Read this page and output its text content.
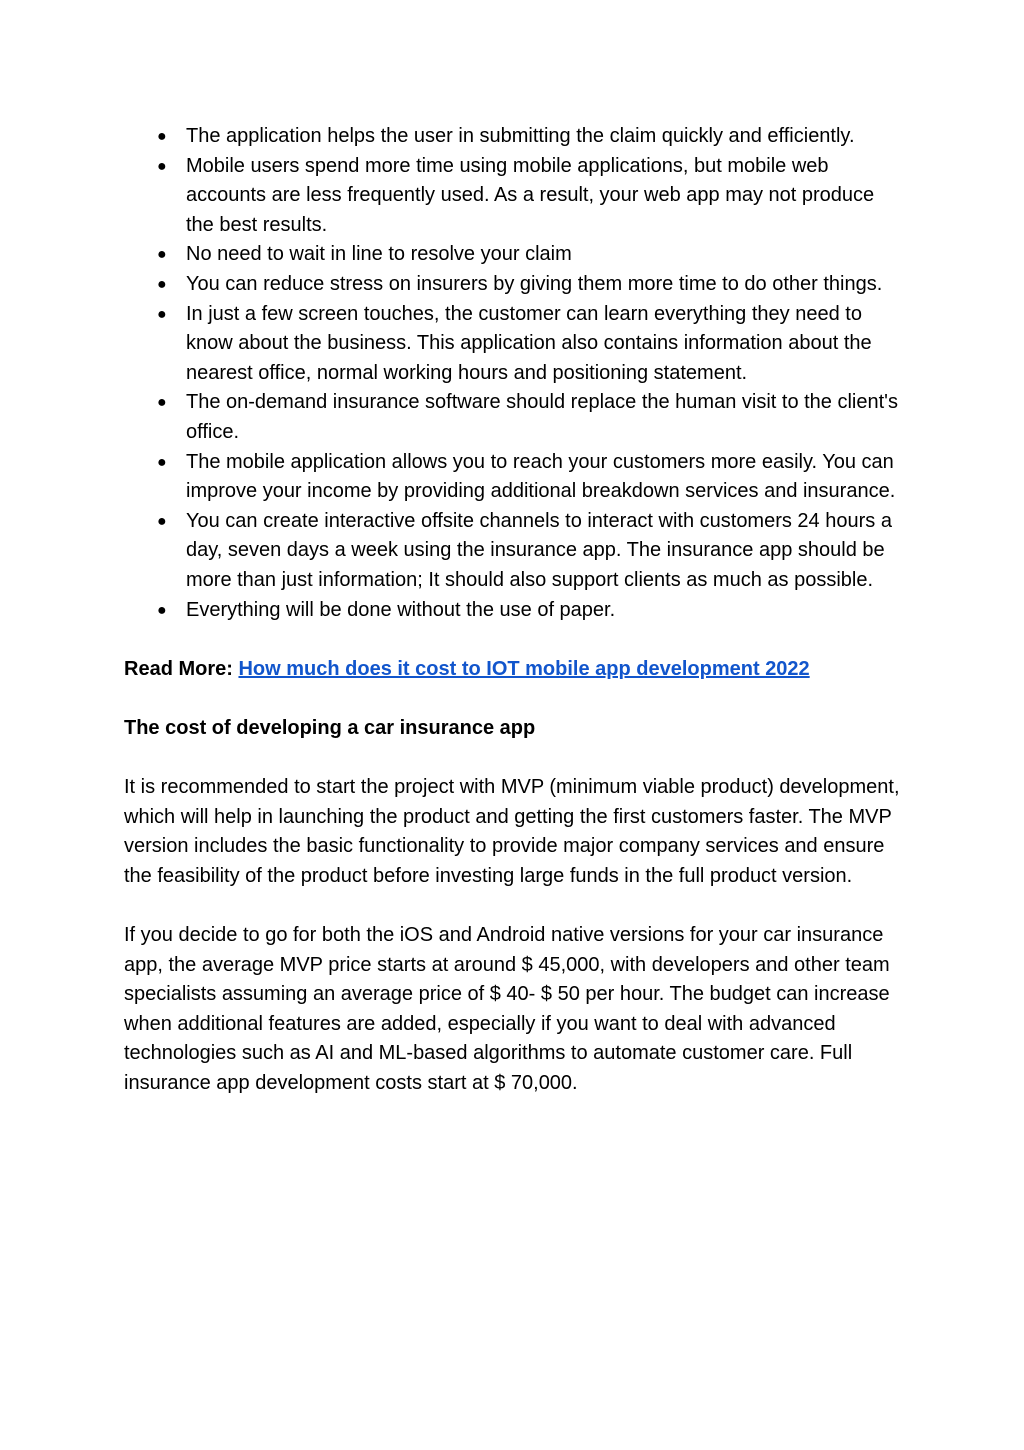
● The application helps the user in submitting the claim quickly and efficiently.
● Mobile users spend more time using mobile applications, but mobile web accounts are less frequently used. As a result, your web app may not produce the best results.
● No need to wait in line to resolve your claim
● You can reduce stress on insurers by giving them more time to do other things.
● In just a few screen touches, the customer can learn everything they need to know about the business. This application also contains information about the nearest office, normal working hours and positioning statement.
● The on-demand insurance software should replace the human visit to the client's office.
● The mobile application allows you to reach your customers more easily. You can improve your income by providing additional breakdown services and insurance.
● You can create interactive offsite channels to interact with customers 24 hours a day, seven days a week using the insurance app. The insurance app should be more than just information; It should also support clients as much as possible.
● Everything will be done without the use of paper.

Read More: How much does it cost to IOT mobile app development 2022

The cost of developing a car insurance app

It is recommended to start the project with MVP (minimum viable product) development, which will help in launching the product and getting the first customers faster. The MVP version includes the basic functionality to provide major company services and ensure the feasibility of the product before investing large funds in the full product version.

If you decide to go for both the iOS and Android native versions for your car insurance app, the average MVP price starts at around $ 45,000, with developers and other team specialists assuming an average price of $ 40- $ 50 per hour. The budget can increase when additional features are added, especially if you want to deal with advanced technologies such as AI and ML-based algorithms to automate customer care. Full insurance app development costs start at $ 70,000.
